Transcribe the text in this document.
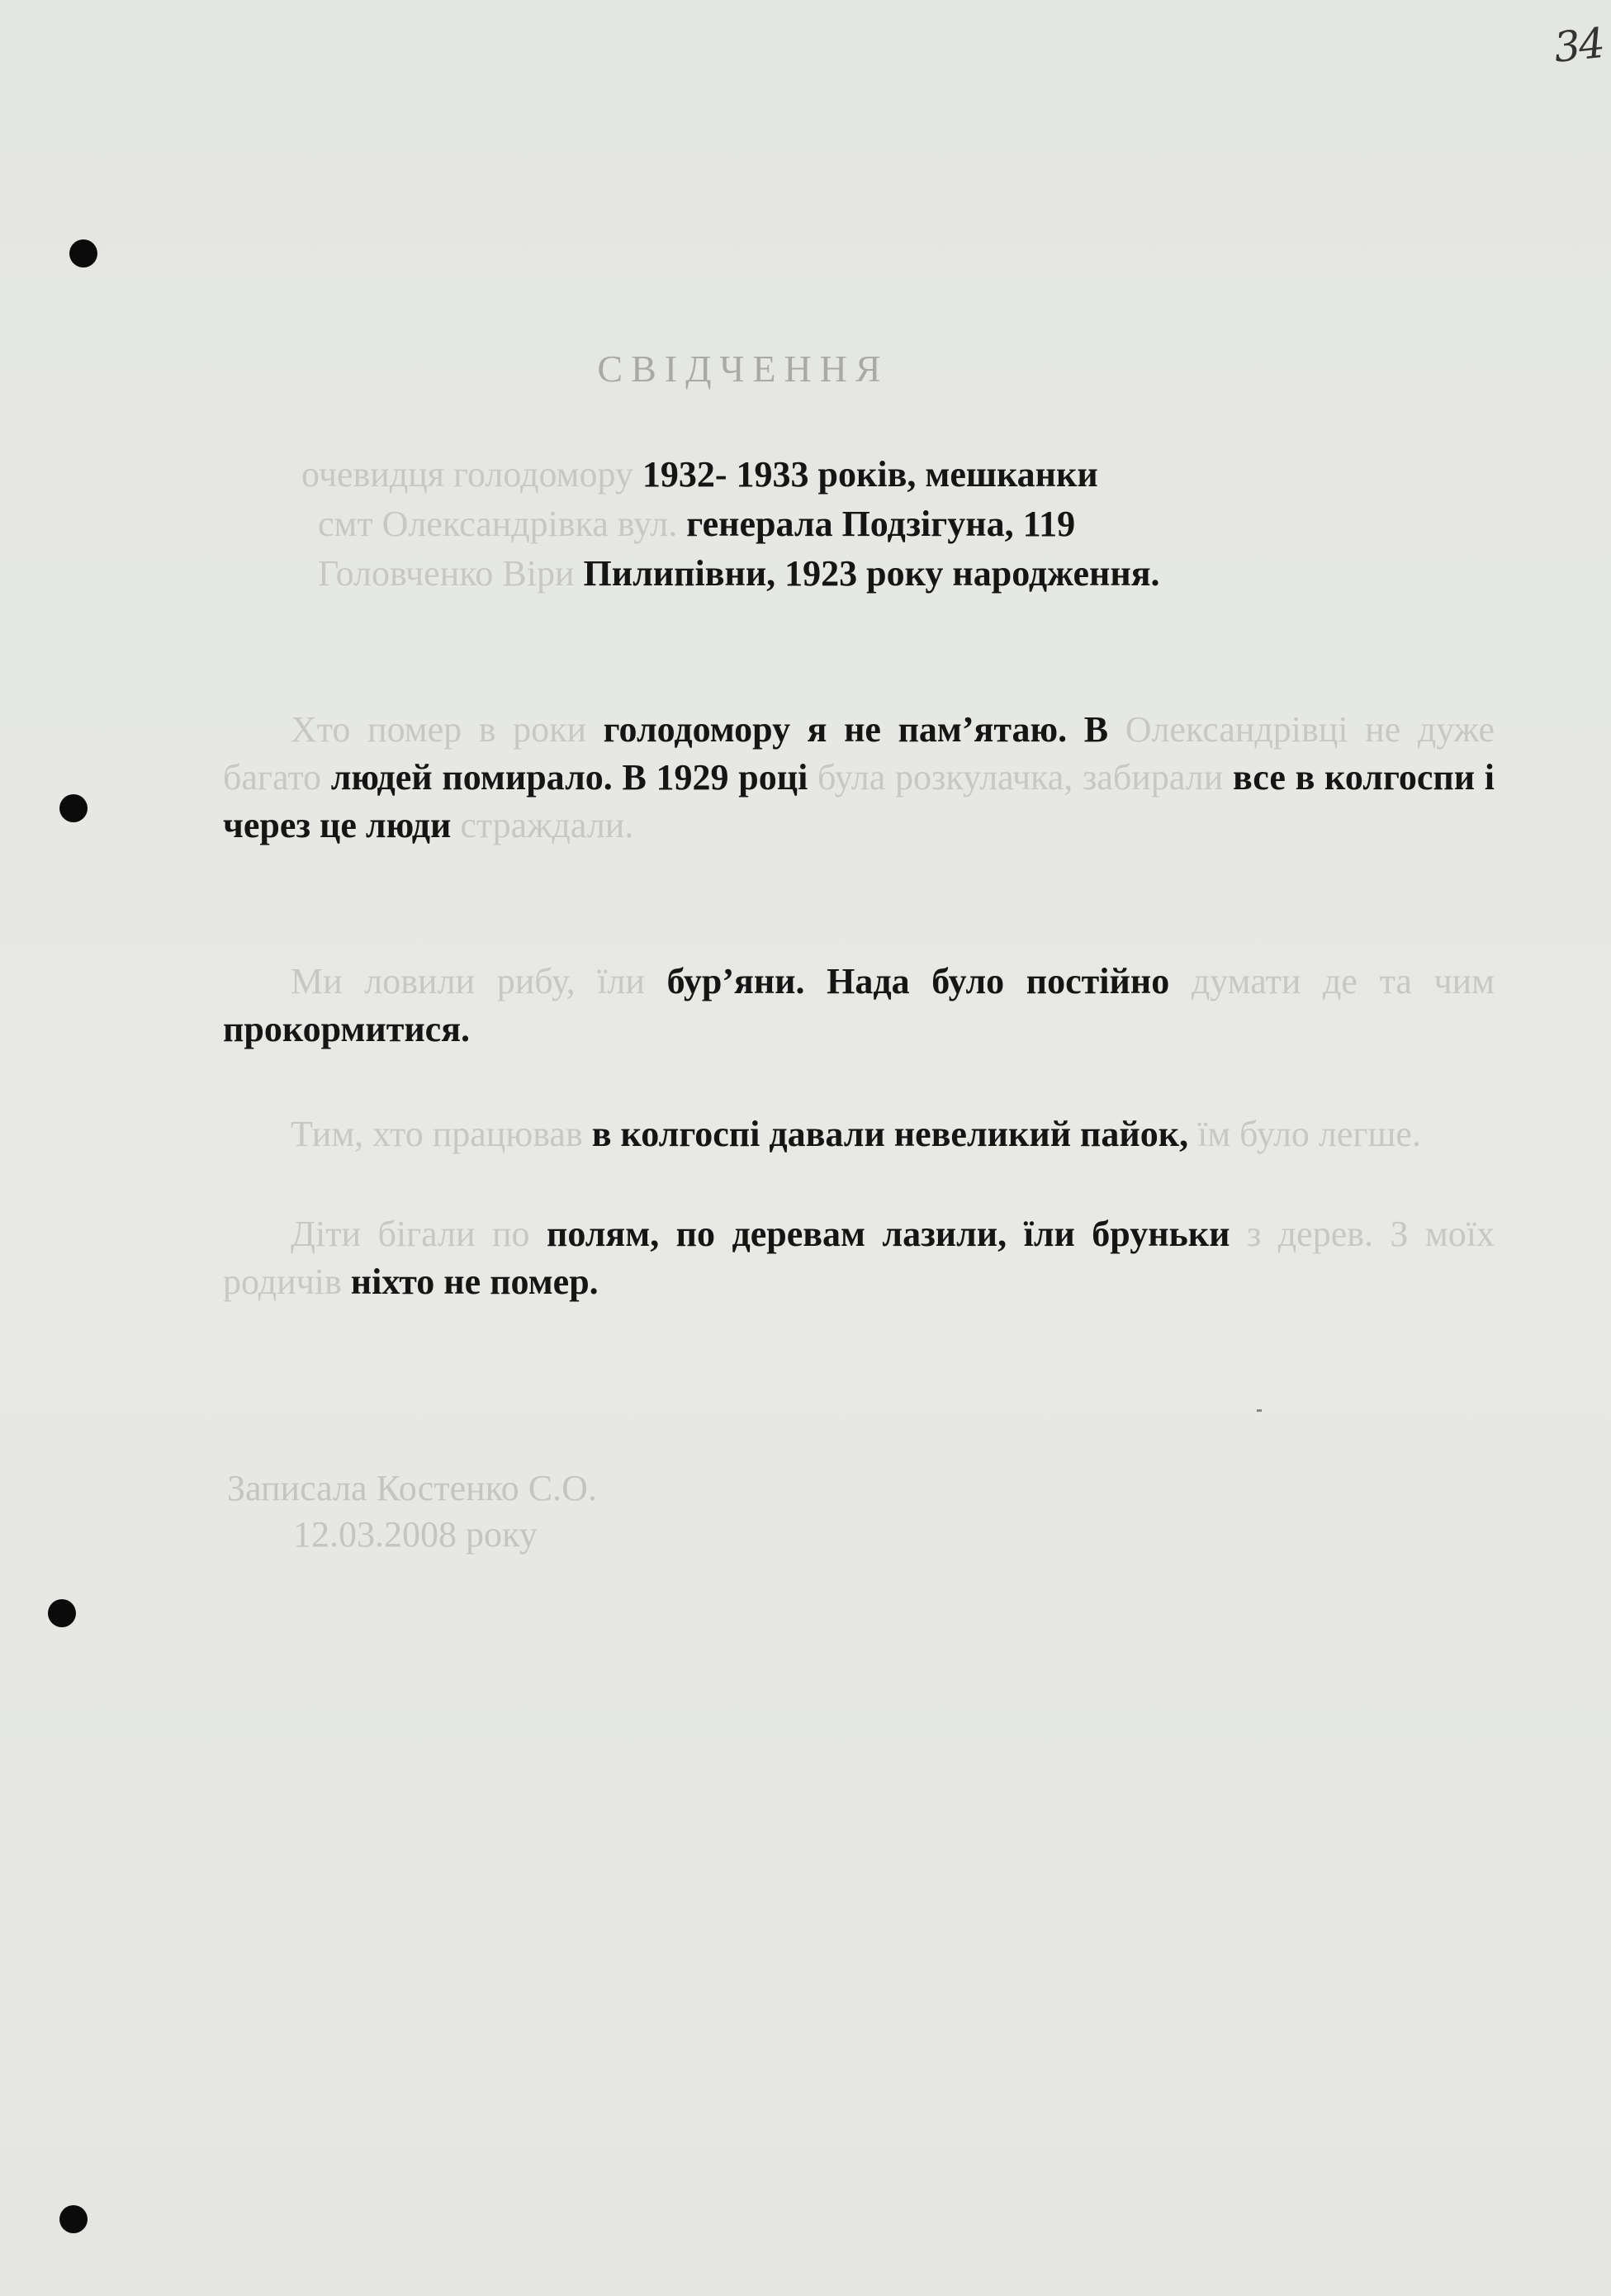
34
СВІДЧЕННЯ
очевидця голодомору 1932- 1933 років, мешканки
смт Олександрівка вул. генерала Подзігуна, 119
Головченко Віри Пилипівни, 1923 року народження.

Хто помер в роки голодомору я не пам’ятаю. В Олександрівці не дуже багато людей помирало. В 1929 році була розкулачка, забирали все в колгоспи і через це люди страждали.

Ми ловили рибу, їли бур’яни. Нада було постійно думати де та чим прокормитися.

Тим, хто працював в колгоспі давали невеликий пайок, їм було легше.

Діти бігали по полям, по деревам лазили, їли бруньки з дерев. З моїх родичів ніхто не помер.

Записала Костенко С.О.
12.03.2008 року
